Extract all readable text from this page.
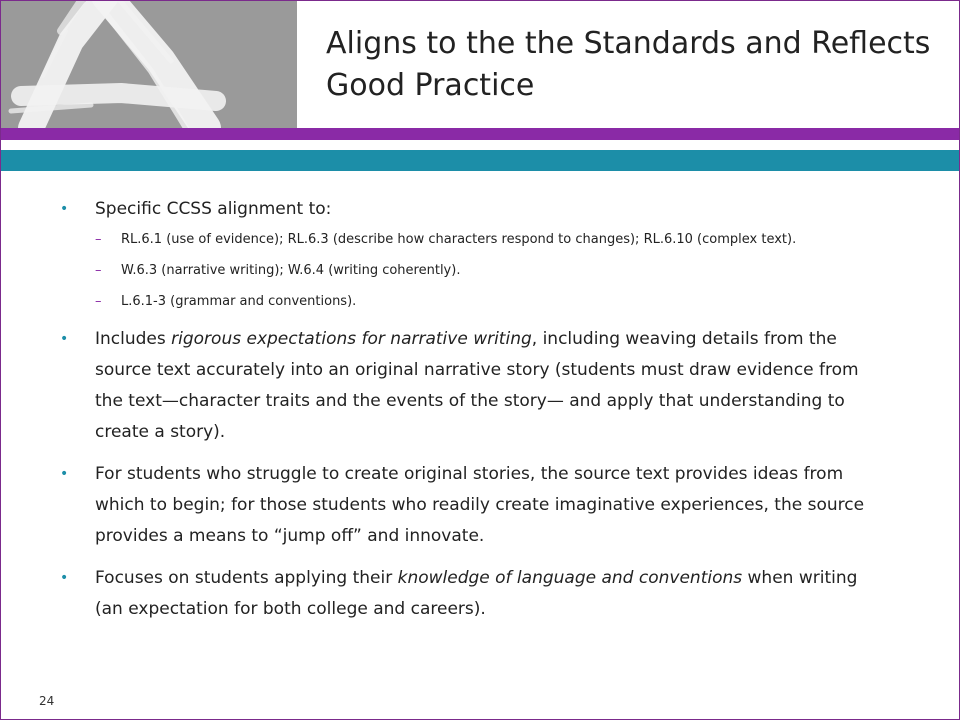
Aligns to the the Standards and Reflects Good Practice
• Specific CCSS alignment to:
– RL.6.1 (use of evidence); RL.6.3 (describe how characters respond to changes); RL.6.10 (complex text).
– W.6.3 (narrative writing); W.6.4 (writing coherently).
– L.6.1-3 (grammar and conventions).
• Includes rigorous expectations for narrative writing, including weaving details from the source text accurately into an original narrative story (students must draw evidence from the text—character traits and the events of the story— and apply that understanding to create a story).
• For students who struggle to create original stories, the source text provides ideas from which to begin; for those students who readily create imaginative experiences, the source provides a means to “jump off” and innovate.
• Focuses on students applying their knowledge of language and conventions when writing (an expectation for both college and careers).
24
